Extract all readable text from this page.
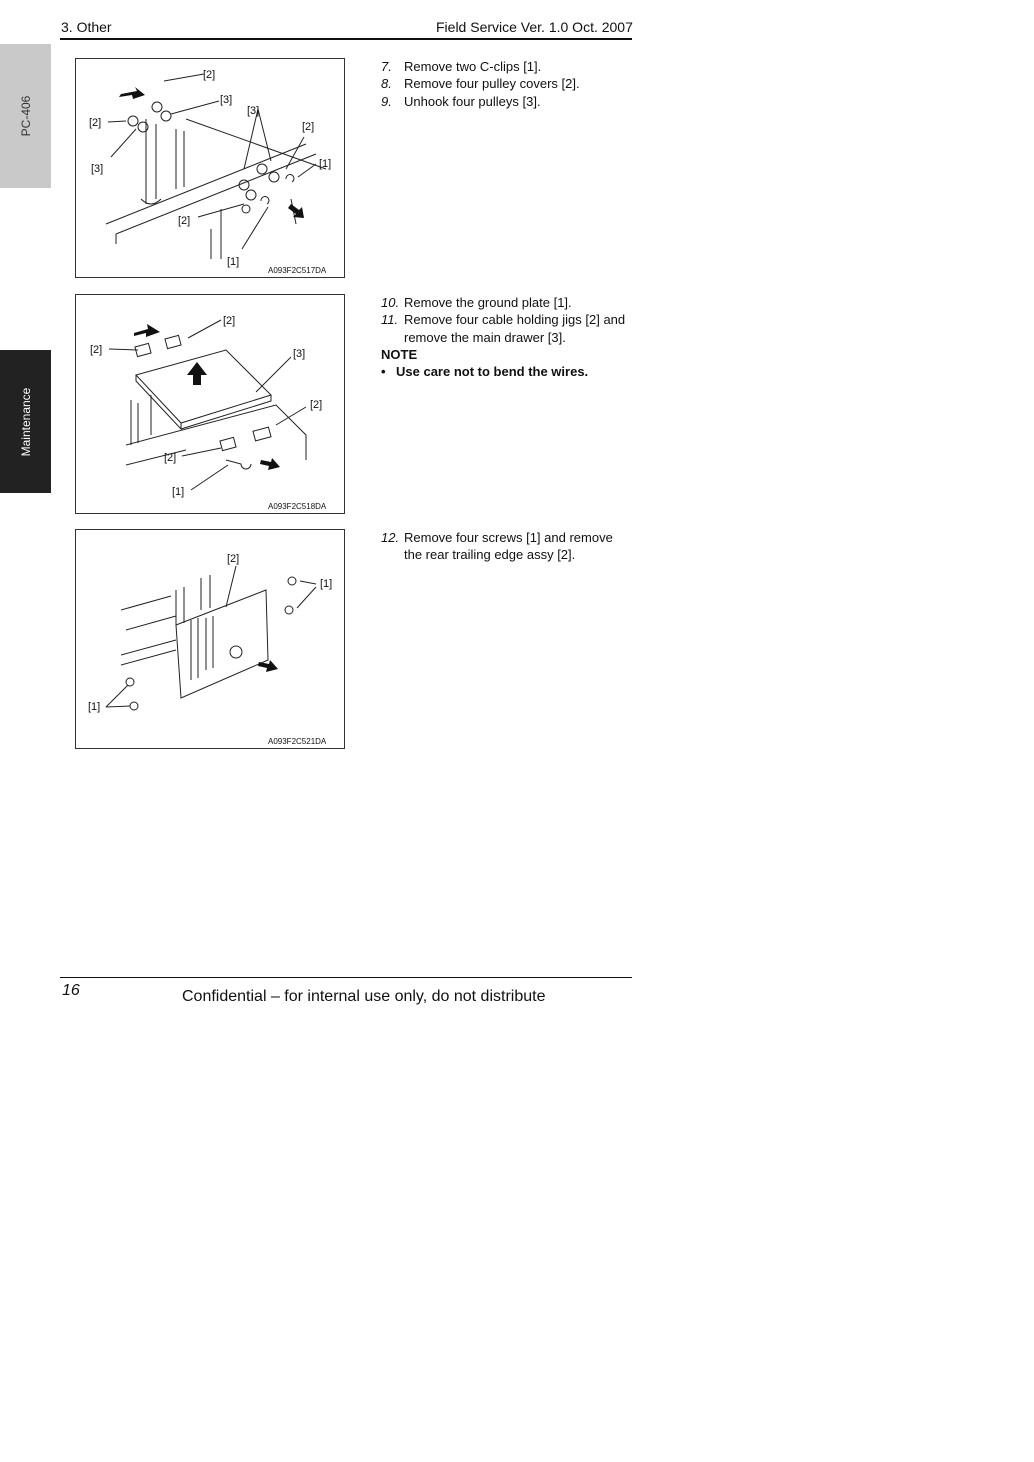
3. Other	Field Service Ver. 1.0 Oct. 2007
PC-406
Maintenance
[2]
[3]
[3]
[2]	[2]
[1]
[3]
[2]
[1]
A093F2C517DA
[2]
[2]	[3]
[2]
[2]
[1]
A093F2C518DA
[2]
[1]
[1]
A093F2C521DA
7. Remove two C-clips [1].
8. Remove four pulley covers [2].
9. Unhook four pulleys [3].
10. Remove the ground plate [1].
11. Remove four cable holding jigs [2] and remove the main drawer [3].
NOTE
• Use care not to bend the wires.
12. Remove four screws [1] and remove the rear trailing edge assy [2].
16	Confidential – for internal use only, do not distribute
